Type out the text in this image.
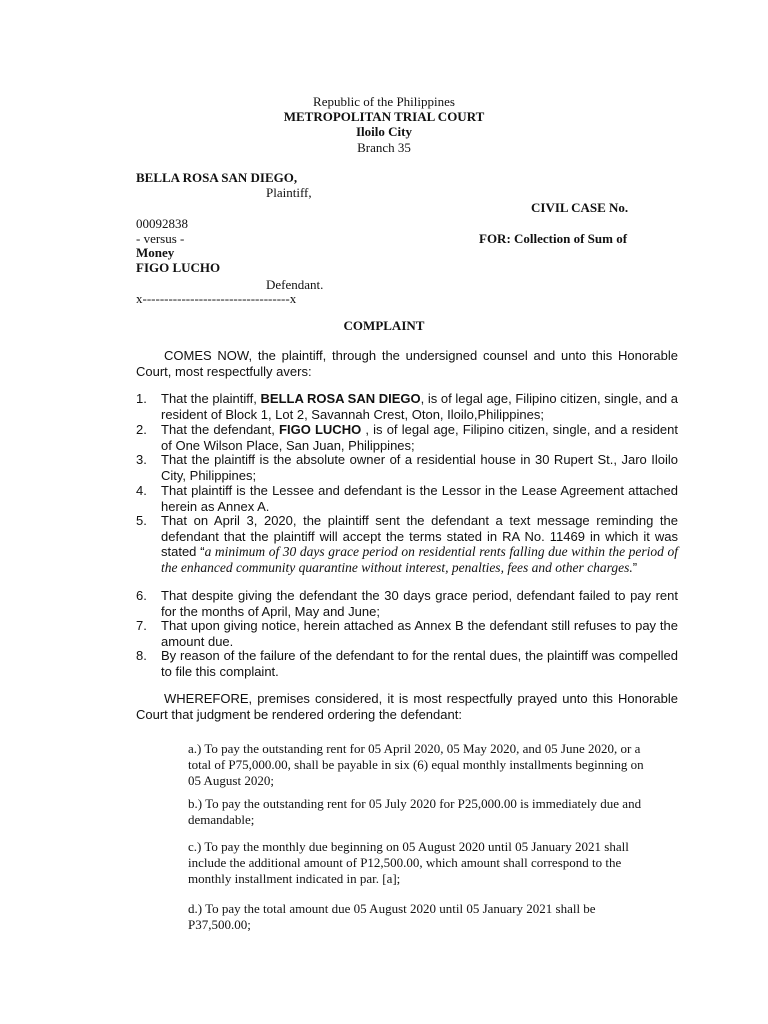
Republic of the Philippines
METROPOLITAN TRIAL COURT
Iloilo City
Branch 35
BELLA ROSA SAN DIEGO,
Plaintiff,
CIVIL CASE No.
00092838
- versus -	FOR: Collection of Sum of
Money
FIGO LUCHO
Defendant.
x----------------------------------x
COMPLAINT
COMES NOW, the plaintiff, through the undersigned counsel and unto this Honorable Court, most respectfully avers:
1.	That the plaintiff, BELLA ROSA SAN DIEGO, is of legal age, Filipino citizen, single, and a resident of Block 1, Lot 2, Savannah Crest, Oton, Iloilo,Philippines;
2.	That the defendant, FIGO LUCHO , is of legal age, Filipino citizen, single, and a resident of One Wilson Place, San Juan, Philippines;
3.	That the plaintiff is the absolute owner of a residential house in 30 Rupert St., Jaro Iloilo City, Philippines;
4.	That plaintiff is the Lessee and defendant is the Lessor in the Lease Agreement attached herein as Annex A.
5.	That on April 3, 2020, the plaintiff sent the defendant a text message reminding the defendant that the plaintiff will accept the terms stated in RA No. 11469 in which it was stated “a minimum of 30 days grace period on residential rents falling due within the period of the enhanced community quarantine without interest, penalties, fees and other charges.”
6.	That despite giving the defendant the 30 days grace period, defendant failed to pay rent for the months of April, May and June;
7.	That upon giving notice, herein attached as Annex B the defendant still refuses to pay the amount due.
8.	By reason of the failure of the defendant to for the rental dues, the plaintiff was compelled to file this complaint.
WHEREFORE, premises considered, it is most respectfully prayed unto this Honorable Court that judgment be rendered ordering the defendant:
a.) To pay the outstanding rent for 05 April 2020, 05 May 2020, and 05 June 2020, or a total of P75,000.00, shall be payable in six (6) equal monthly installments beginning on 05 August 2020;
b.) To pay the outstanding rent for 05 July 2020 for P25,000.00 is immediately due and demandable;
c.) To pay the monthly due beginning on 05 August 2020 until 05 January 2021 shall include the additional amount of P12,500.00, which amount shall correspond to the monthly installment indicated in par. [a];
d.) To pay the total amount due 05 August 2020 until 05 January 2021 shall be P37,500.00;
